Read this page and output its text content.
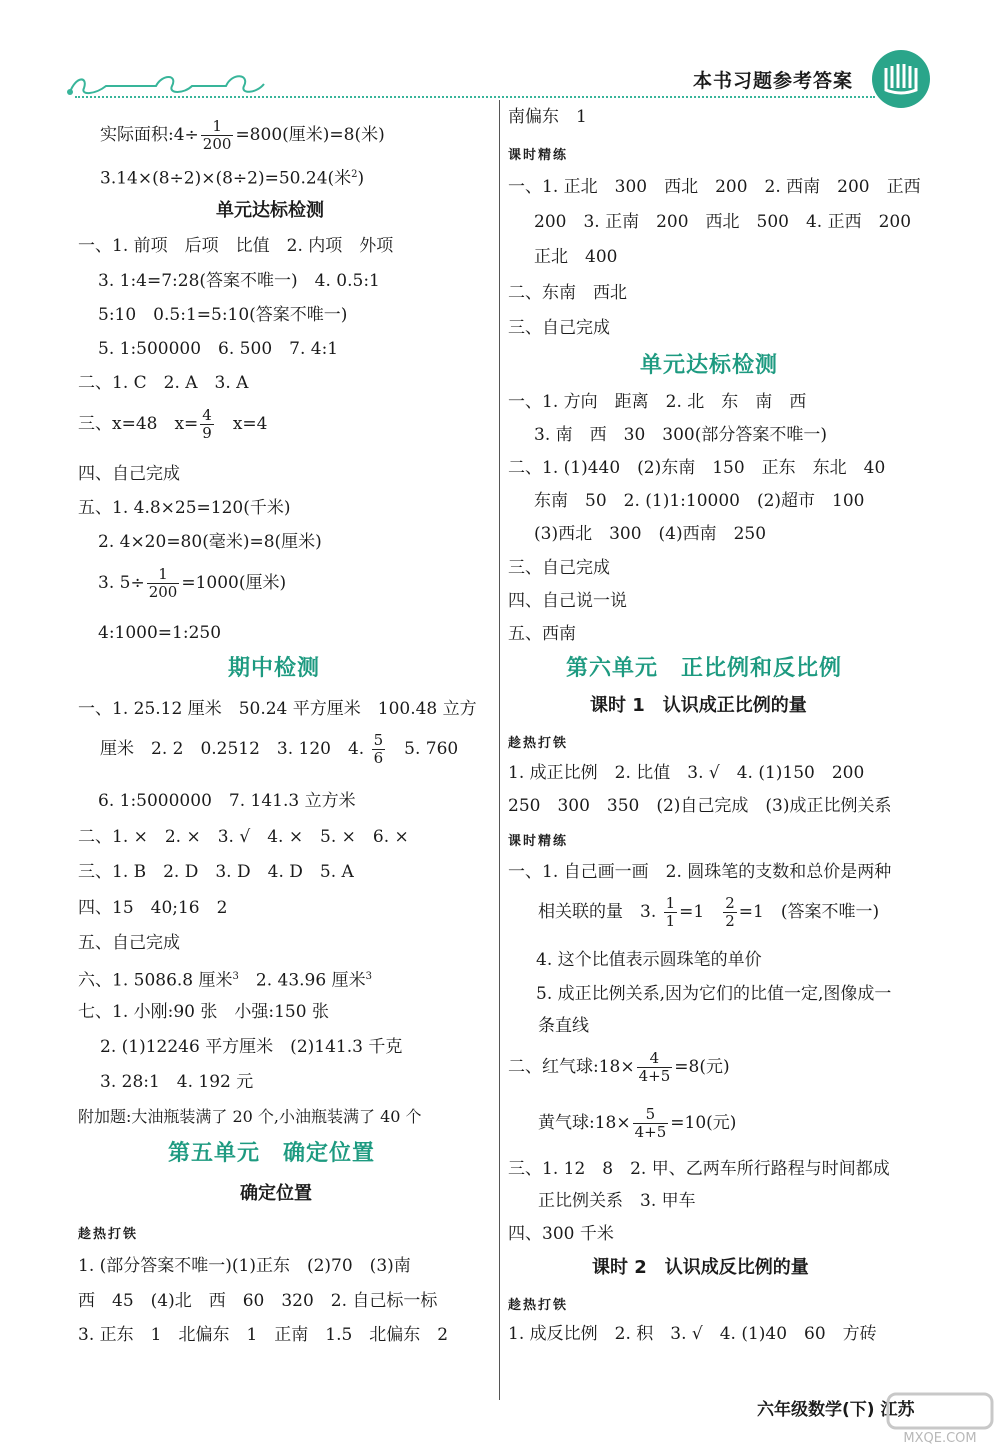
本书习题参考答案
实际面积:4÷ $\frac{1}{200} =800$(厘米)=8(米)
3.14×(8÷2)×(8÷2)=50.24(米$^2$)
单元达标检测
一、1. 前项　后项　比值　2. 内项　外项
3. 1:4=7:28(答案不唯一)　4. 0.5:1
5:10　0.5:1=5:10(答案不唯一)
5. 1:500000　6. 500　7. 4:1
二、1. C　2. A　3. A
三、x=48　$x= \frac{4}{9}$ 　x=4
四、自己完成
五、1. 4.8×25=120(千米)
2. 4×20=80(毫米)=8(厘米)
3. $5\div \frac{1}{200} =1000$(厘米)
4:1000=1:250
期中检测
一、1. 25.12 厘米　50.24 平方厘米　100.48 立方
厘米　2. 2　0.2512　3. 120　4. $\frac{5}{6}$ 　5. 760
6. 1:5000000　7. 141.3 立方米
二、1. ×　2. ×　3. √　4. ×　5. ×　6. ×
三、1. B　2. D　3. D　4. D　5. A
四、15　40;16　2
五、自己完成
六、1. 5086.8 厘米$^3$　2. 43.96 厘米$^3$
七、1. 小刚:90 张　小强:150 张
2. (1)12246 平方厘米　(2)141.3 千克
3. 28:1　4. 192 元
附加题:大油瓶装满了 20 个,小油瓶装满了 40 个
第五单元　确定位置
确定位置
趁热打铁
1. (部分答案不唯一)(1)正东　(2)70　(3)南
西　45　(4)北　西　60　320　2. 自己标一标
3. 正东　1　北偏东　1　正南　1.5　北偏东　2
南偏东　1
课时精练
一、1. 正北　300　西北　200　2. 西南　200　正西
200　3. 正南　200　西北　500　4. 正西　200
正北　400
二、东南　西北
三、自己完成
单元达标检测
一、1. 方向　距离　2. 北　东　南　西
3. 南　西　30　300(部分答案不唯一)
二、1. (1)440　(2)东南　150　正东　东北　40
东南　50　2. (1)1:10000　(2)超市　100
(3)西北　300　(4)西南　250
三、自己完成
四、自己说一说
五、西南
第六单元　正比例和反比例
课时 1　认识成正比例的量
趁热打铁
1. 成正比例　2. 比值　3. √　4. (1)150　200
250　300　350　(2)自己完成　(3)成正比例关系
课时精练
一、1. 自己画一画　2. 圆珠笔的支数和总价是两种
相关联的量　3. $\frac{1}{1} =1$　 $\frac{2}{2} =1$　(答案不唯一)
4. 这个比值表示圆珠笔的单价
5. 成正比例关系,因为它们的比值一定,图像成一
条直线
二、红气球:18× $\frac{4}{4+5} =8$(元)
黄气球:18× $\frac{5}{4+5} =10$(元)
三、1. 12　8　2. 甲、乙两车所行路程与时间都成
正比例关系　3. 甲车
四、300 千米
课时 2　认识成反比例的量
趁热打铁
1. 成反比例　2. 积　3. √　4. (1)40　60　方砖
六年级数学(下) 江苏
MXQE.COM
